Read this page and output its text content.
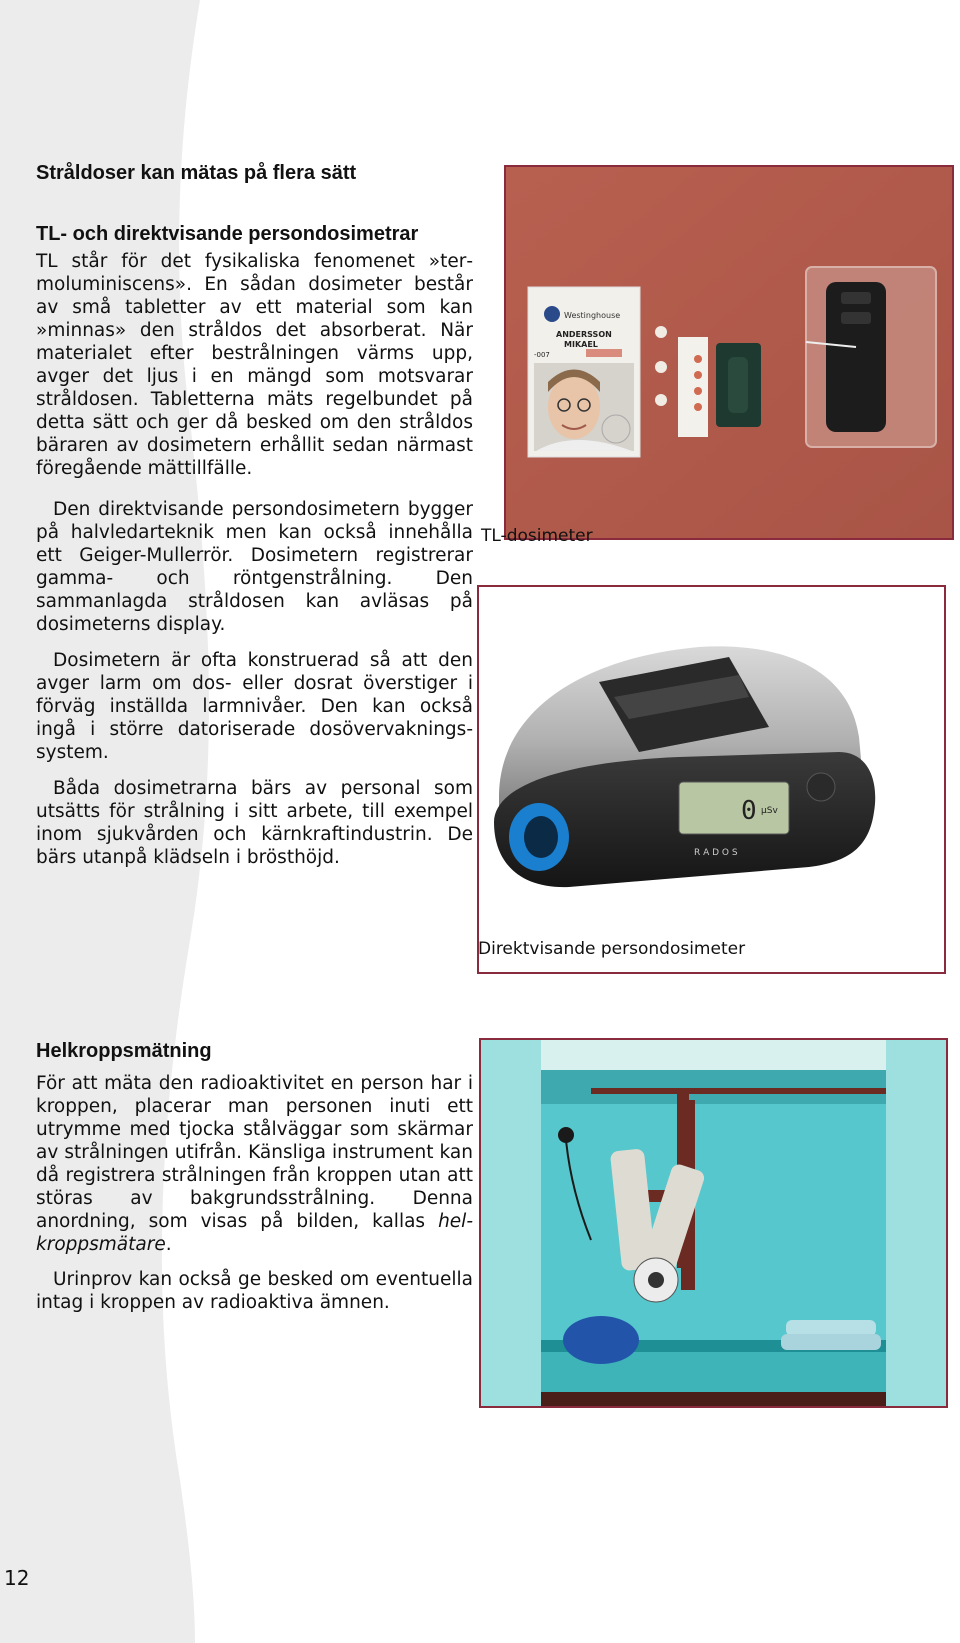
Stråldoser kan mätas på flera sätt
TL- och direktvisande persondosimetrar

TL står för det fysikaliska fenomenet »termoluminiscens». En sådan dosimeter består av små tabletter av ett material som kan »minnas» den stråldos det absorberat. När materialet efter bestrålningen värms upp, avger det ljus i en mängd som motsvarar stråldosen. Tabletterna mäts regelbundet på detta sätt och ger då besked om den stråldos bäraren av dosimetern erhållit sedan närmast föregående mättillfälle.

Den direktvisande persondosimetern bygger på halvledarteknik men kan också innehålla ett Geiger-Mullerrör. Dosimetern registrerar gamma- och röntgenstrålning. Den sammanlagda stråldosen kan avläsas på dosimeterns display.

Dosimetern är ofta konstruerad så att den avger larm om dos- eller dosrat överstiger i förväg inställda larmnivåer. Den kan också ingå i större datoriserade dosövervakningssystem.

Båda dosimetrarna bärs av personal som utsätts för strålning i sitt arbete, till exempel inom sjukvården och kärnkraftindustrin. De bärs utanpå klädseln i brösthöjd.

Westinghouse
ANDERSSON
MIKAEL
-007

TL-dosimeter

0 µSv
R A D O S

Direktvisande persondosimeter

Helkroppsmätning

För att mäta den radioaktivitet en person har i kroppen, placerar man personen inuti ett utrymme med tjocka stålväggar som skärmar av strålningen utifrån. Känsliga instrument kan då registrera strålningen från kroppen utan att störas av bakgrundsstrålning. Denna anordning, som visas på bilden, kallas helkroppsmätare.

Urinprov kan också ge besked om eventuella intag i kroppen av radioaktiva ämnen.

12
